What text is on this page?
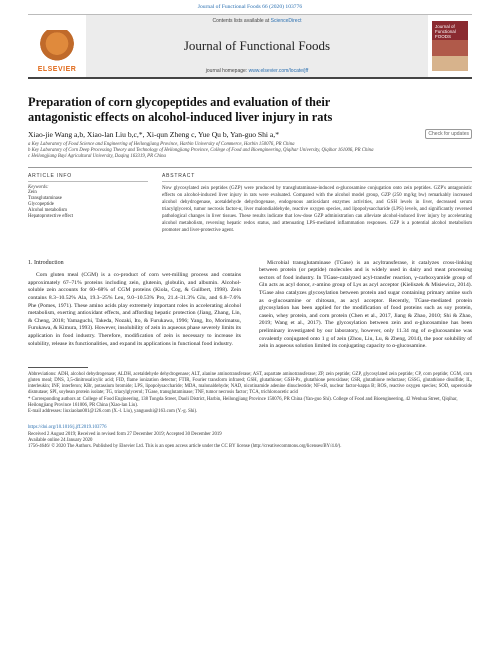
Journal of Functional Foods 66 (2020) 103776
ELSEVIER
Contents lists available at ScienceDirect
Journal of Functional Foods
journal homepage: www.elsevier.com/locate/jff
Journal of Functional FOODS
Preparation of corn glycopeptides and evaluation of their antagonistic effects on alcohol-induced liver injury in rats
Xiao-jie Wang a,b, Xiao-lan Liu b,c,*, Xi-qun Zheng c, Yue Qu b, Yan-guo Shi a,*	Check for updates
a Key Laboratory of Food Science and Engineering of Heilongjiang Province, Harbin University of Commerce, Harbin 150076, PR China
b Key Laboratory of Corn Deep Processing Theory and Technology of Heilongjiang Province, College of Food and Bioengineering, Qiqihar University, Qiqihar 161006, PR China
c Heilongjiang Bayi Agricultural University, Daqing 163319, PR China
ARTICLE INFO
Keywords:
Zein
Transglutaminase
Glycopeptide
Alcohol metabolism
Hepatoprotective effect
ABSTRACT
Now glycosylated zein peptides (GZP) were produced by transglutaminase-induced α-glucosamine conjugation onto zein peptides. GZP's antagonistic effects on alcohol-induced liver injury in rats were evaluated. Compared with the alcohol model group, GZP (250 mg/kg bw) remarkably increased alcohol dehydrogenase, acetaldehyde dehydrogenase, endogenous antioxidant enzymes activities, and GSH levels in liver, decreased serum triacylglycerol, tumor necrosis factor-α, liver malondialdehyde, reactive oxygen species, and lipopolysaccharide (LPS) levels, and significantly reversed pathological changes in liver tissues. These results indicate that low-dose GZP administration can alleviate alcohol-induced liver injury by accelerating alcohol metabolism, reversing hepatic redox status, and attenuating LPS-mediated inflammation responses. GZP is a potential alcohol metabolism promoter and liver-protective agent.
1. Introduction

Corn gluten meal (CGM) is a co-product of corn wet-milling process and contains approximately 67–71% proteins including zein, glutenin, globulin, and albumin. Alcohol-soluble zein accounts for 60–68% of CGM proteins (Kiola, Cog, & Guilbert, 1998). Zein contains 8.3–10.52% Ala, 19.3–25% Leu, 9.0–10.53% Pro, 21.4–31.3% Glu, and 6.8–7.6% Phe (Pomes, 1971). These amino acids play extremely important roles in accelerating alcohol metabolism, exerting antioxidant effects, and affording hepatic protection (Jiang, Zhang, Lin, & Cheng, 2018; Yamaguchi, Takeda, Nozaki, Ito, & Furukawa, 1996; Yang, Ito, Morimatsu, Furukawa, & Kimura, 1993). However, insolubility of zein in aqueous phase severely limits its application in food industry. Therefore, modification of zein is necessary to increase its solubility, release its functionalities, and expand its applications in functional food industry.

Microbial transglutaminase (TGase) is an acyltransferase, it catalyzes cross-linking between protein (or peptide) molecules and is widely used in dairy and meat processing sectors of food industry. In TGase-catalyzed acyl-transfer reaction, γ-carboxyamide group of Gln acts as acyl donor, ε-amino group of Lys as acyl acceptor (Kieliszek & Misiewicz, 2014). TGase also catalyzes glycosylation between protein and sugar containing primary amine such as α-glucosamine or chitosan, as acyl acceptor. Recently, TGase-mediated protein glycosylation has been applied for the modification of food proteins such as soy protein, casein, whey protein, and corn protein (Chen et al., 2017, Jiang & Zhao, 2010; Shi & Zhao, 2019; Wang et al., 2017). The glycosylation between zein and α-glucosamine has been preliminary investigated by our laboratory, however, only 11.34 mg of α-glucosamine was covalently conjugated onto 1 g of zein (Zhou, Liu, Lu, & Zheng, 2014), the poor solubility of zein in aqueous solution limited its conjugating capacity to α-glucosamine.

Abbreviations: ADH, alcohol dehydrogenase; ALDH, acetaldehyde dehydrogenase; ALT, alanine aminotransferase; AST, aspartate aminotransferase; ZP, zein peptide; GZP, glycosylated zein peptide; CP, corn peptide; CGM, corn gluten meal; DNS, 3,5-dinitrosalicylic acid; FID, flame ionization detector; FTIR, Fourier transform infrared; GSH, glutathione; GSH-Px, glutathione peroxidase; GSR, glutathione reductase; GSSG, glutathione disulfide; IL, interleukin; INF, interferon; KBr, potassium bromide; LPS, lipopolysaccharide; MDA, malonaldehyde; NAD, nicotinamide adenine dinucleotide; NF-κB, nuclear factor-kappa B; ROS, reactive oxygen species; SOD, superoxide dismutase; SPI, soybean protein isolate; TG, triacylglycerol; TGase, transglutaminase; TNF, tumor necrosis factor; TCA, trichloroacetic acid
* Corresponding authors at: College of Food Engineering, 138 Tongda Street, Daoli District, Harbin, Heilongjiang Province 150076, PR China (Yan-guo Shi). College of Food and Bioengineering, 42 Wenhua Street, Qiqihar, Heilongjiang Province 161006, PR China (Xiao-lan Liu).
E-mail addresses: liuxiaolan001@126.com (X.-l. Liu), yanguoshi@163.com (Y.-g. Shi).
https://doi.org/10.1016/j.jff.2019.103776
Received 2 August 2019; Received in revised form 27 December 2019; Accepted 30 December 2019
Available online 24 January 2020
1756-4646/ © 2020 The Authors. Published by Elsevier Ltd. This is an open access article under the CC BY license (http://creativecommons.org/licenses/BY/4.0/).
